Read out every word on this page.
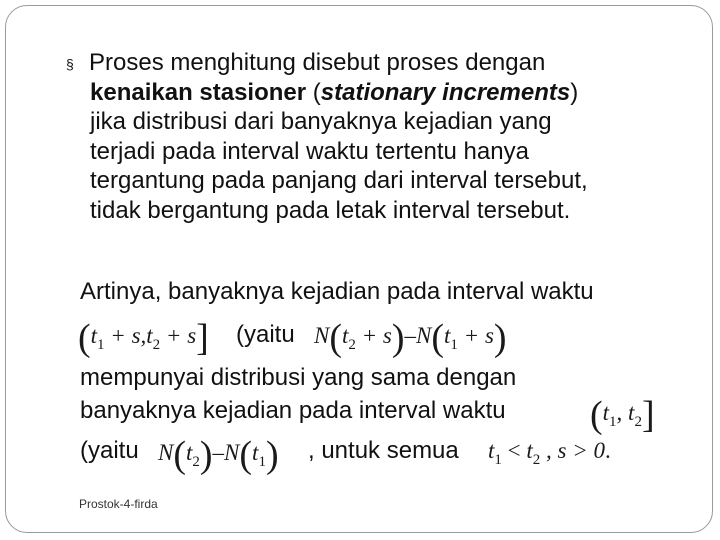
§ Proses menghitung disebut proses dengan
kenaikan stasioner (stationary increments)
jika distribusi dari banyaknya kejadian yang
terjadi pada interval waktu tertentu hanya
tergantung pada panjang dari interval tersebut,
tidak bergantung pada letak interval tersebut.
Artinya, banyaknya kejadian pada interval waktu
$(t_1 + s,t_2 + s]$ (yaitu $N(t_2 + s)-N(t_1 + s)$
mempunyai distribusi yang sama dengan
banyaknya kejadian pada interval waktu ($t_1$, $t_2$]
(yaitu $N(t_2)-N(t_1)$ , untuk semua $t_1 < t_2$ , s > 0.
Prostok-4-firda
